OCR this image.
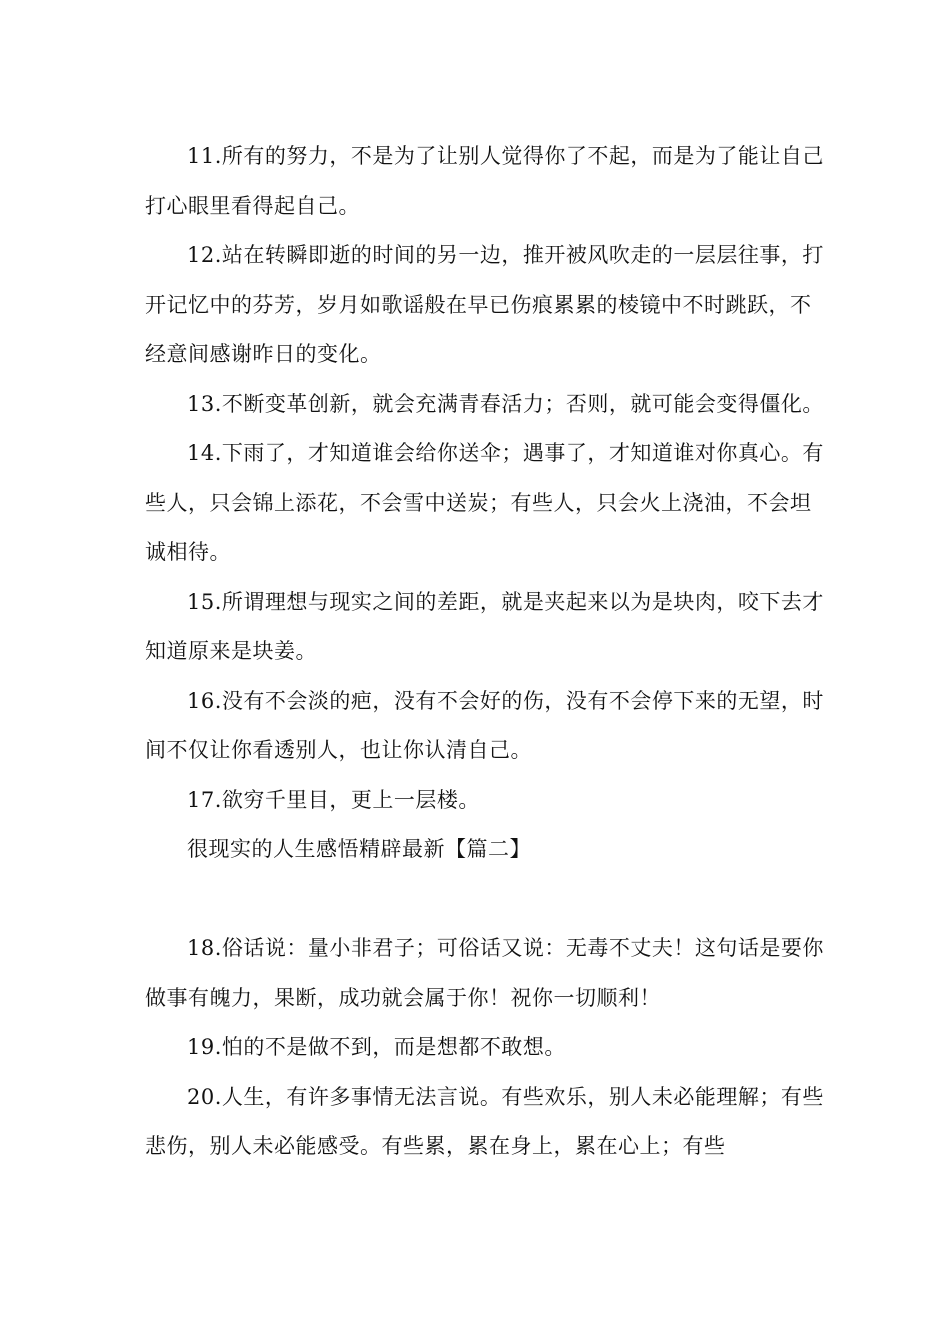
11.所有的努力，不是为了让别人觉得你了不起，而是为了能让自己打心眼里看得起自己。

12.站在转瞬即逝的时间的另一边，推开被风吹走的一层层往事，打开记忆中的芬芳，岁月如歌谣般在早已伤痕累累的棱镜中不时跳跃，不经意间感谢昨日的变化。

13.不断变革创新，就会充满青春活力；否则，就可能会变得僵化。

14.下雨了，才知道谁会给你送伞；遇事了，才知道谁对你真心。有些人，只会锦上添花，不会雪中送炭；有些人，只会火上浇油，不会坦诚相待。

15.所谓理想与现实之间的差距，就是夹起来以为是块肉，咬下去才知道原来是块姜。

16.没有不会淡的疤，没有不会好的伤，没有不会停下来的无望，时间不仅让你看透别人，也让你认清自己。

17.欲穷千里目，更上一层楼。

很现实的人生感悟精辟最新【篇二】

18.俗话说：量小非君子；可俗话又说：无毒不丈夫！这句话是要你做事有魄力，果断，成功就会属于你！祝你一切顺利！

19.怕的不是做不到，而是想都不敢想。

20.人生，有许多事情无法言说。有些欢乐，别人未必能理解；有些悲伤，别人未必能感受。有些累，累在身上，累在心上；有些
